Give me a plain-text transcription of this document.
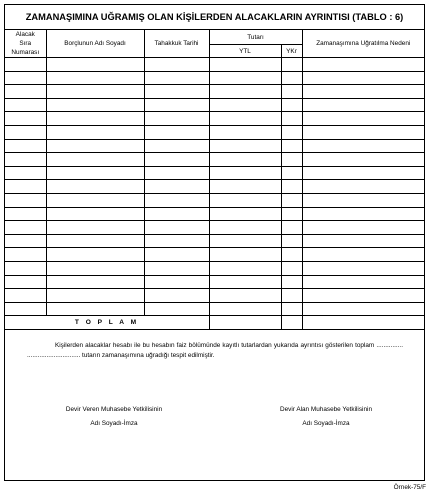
ZAMANAŞIMINA UĞRAMIŞ OLAN KİŞİLERDEN ALACAKLARIN AYRINTISI (TABLO : 6)
Alacak
Sıra
Numarası	Borçlunun Adı Soyadı	Tahakkuk Tarihi	Tutarı		Zamanaşımına Uğratılma Nedeni
			YTL	YKr	

T O P L A M					
Kişilerden alacaklar hesabı ile bu hesabın faiz bölümünde kayıtlı tutarlardan yukarıda ayrıntısı gösterilen toplam ............... .............................. tutarın zamanaşımına uğradığı tespit edilmiştir.
Devir Veren Muhasebe Yetkilisinin
Adı Soyadı-İmza
Devir Alan Muhasebe Yetkilisinin
Adı Soyadı-İmza
Örnek-75/F
